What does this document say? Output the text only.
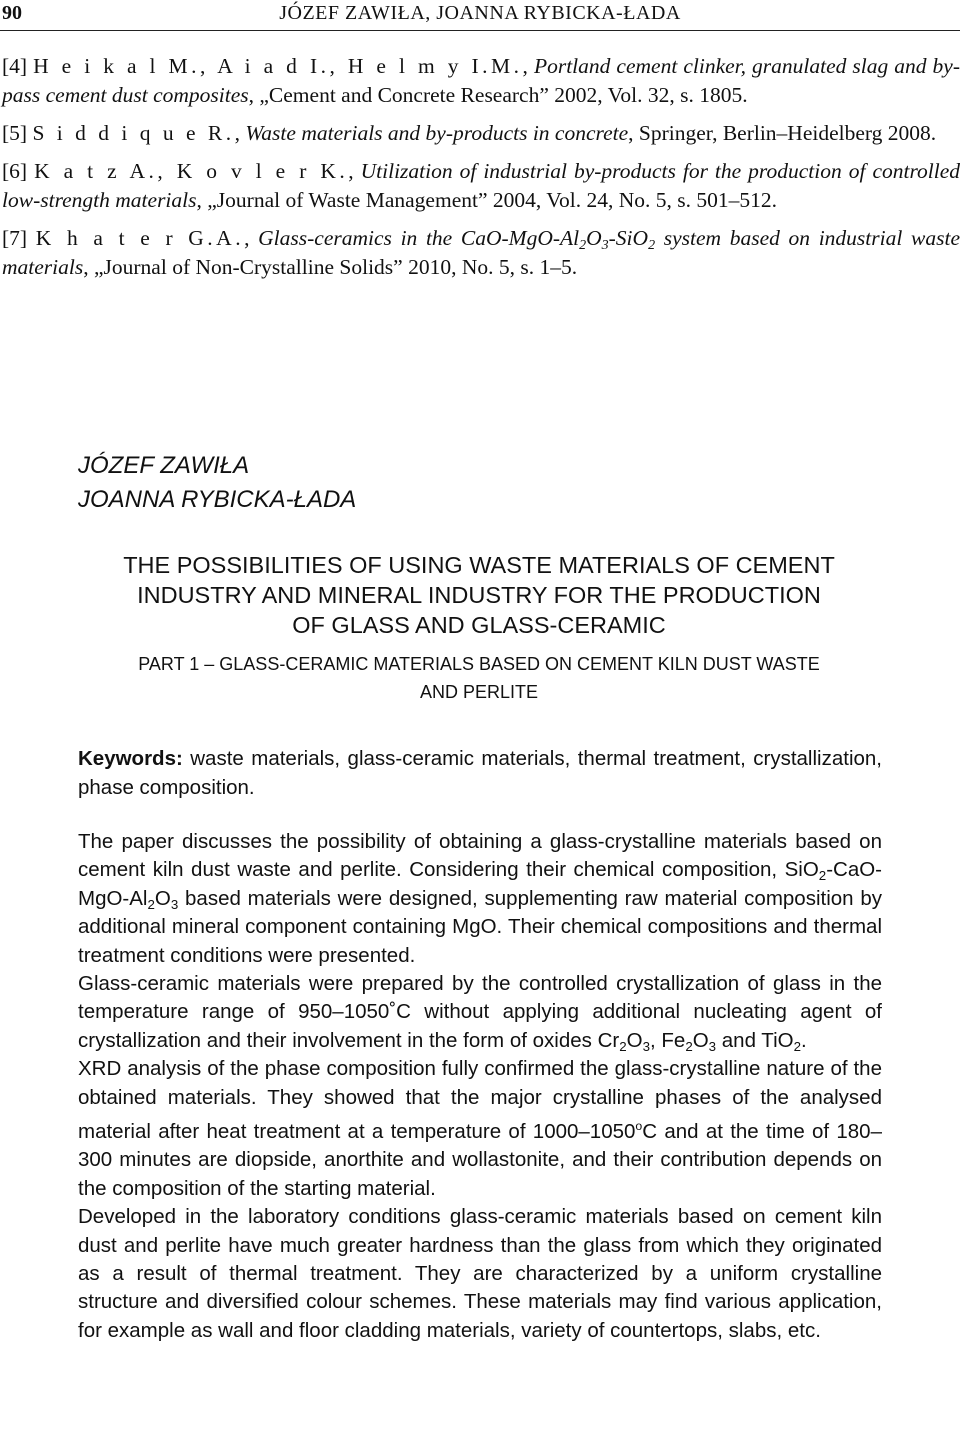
90	JÓZEF ZAWIŁA, JOANNA RYBICKA-ŁADA

[4] H e i k a l M., A i a d I., H e l m y I.M., Portland cement clinker, granulated slag and by-pass cement dust composites, „Cement and Concrete Research” 2002, Vol. 32, s. 1805.

[5] S i d d i q u e R., Waste materials and by-products in concrete, Springer, Berlin–Heidelberg 2008.

[6] K a t z A., K o v l e r K., Utilization of industrial by-products for the production of controlled low-strength materials, „Journal of Waste Management” 2004, Vol. 24, No. 5, s. 501–512.

[7] K h a t e r G.A., Glass-ceramics in the CaO-$MgO-Al_2O_3-SiO_2$ system based on industrial waste materials, „Journal of Non-Crystalline Solids” 2010, No. 5, s. 1–5.

JÓZEF ZAWIŁA
JOANNA RYBICKA-ŁADA
THE POSSIBILITIES OF USING WASTE MATERIALS OF CEMENT
INDUSTRY AND MINERAL INDUSTRY FOR THE PRODUCTION
OF GLASS AND GLASS-CERAMIC
PART 1 – GLASS-CERAMIC MATERIALS BASED ON CEMENT KILN DUST WASTE
AND PERLITE
Keywords: waste materials, glass-ceramic materials, thermal treatment, crystallization, phase composition.

The paper discusses the possibility of obtaining a glass-crystalline materials based on cement kiln dust waste and perlite. Considering their chemical composition, $SiO_2-CaO-MgO-Al_2O_3$ based materials were designed, supplementing raw material composition by additional mineral component containing MgO. Their chemical compositions and thermal treatment conditions were presented.

Glass-ceramic materials were prepared by the controlled crystallization of glass in the temperature range of 950–1050˚C without applying additional nucleating agent of crystallization and their involvement in the form of oxides $Cr_2O_3$, $Fe_2O_3$ and TiO$_2$.

XRD analysis of the phase composition fully confirmed the glass-crystalline nature of the obtained materials. They showed that the major crystalline phases of the analysed material after heat treatment at a temperature of 1000–1050$^o$C and at the time of 180–300 minutes are diopside, anorthite and wollastonite, and their contribution depends on the composition of the starting material.

Developed in the laboratory conditions glass-ceramic materials based on cement kiln dust and perlite have much greater hardness than the glass from which they originated as a result of thermal treatment. They are characterized by a uniform crystalline structure and diversified colour schemes. These materials may find various application, for example as wall and floor cladding materials, variety of countertops, slabs, etc.
